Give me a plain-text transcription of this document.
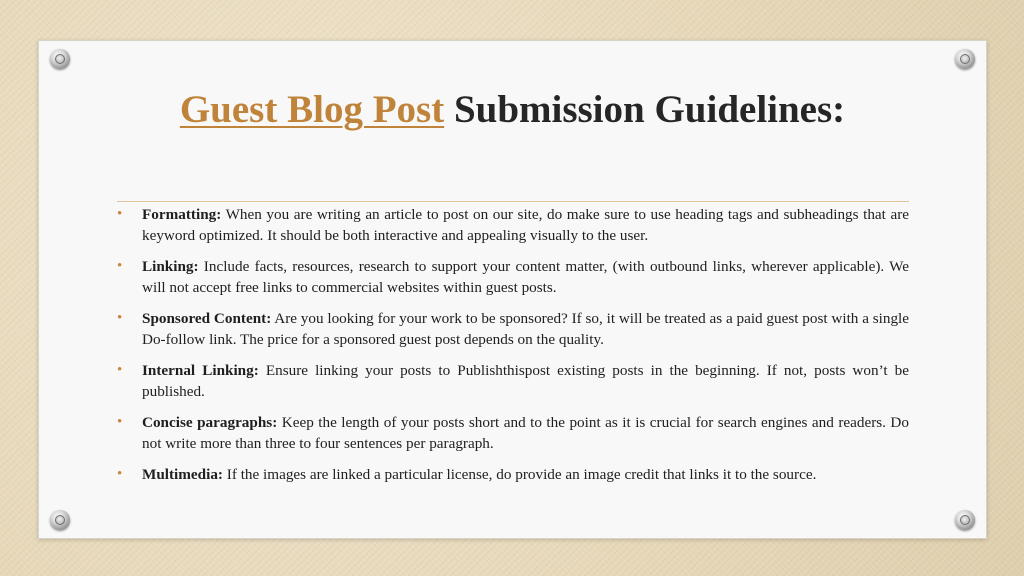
Guest Blog Post Submission Guidelines:
• Formatting: When you are writing an article to post on our site, do make sure to use heading tags and subheadings that are keyword optimized. It should be both interactive and appealing visually to the user.
• Linking: Include facts, resources, research to support your content matter, (with outbound links, wherever applicable). We will not accept free links to commercial websites within guest posts.
• Sponsored Content: Are you looking for your work to be sponsored? If so, it will be treated as a paid guest post with a single Do-follow link. The price for a sponsored guest post depends on the quality.
• Internal Linking: Ensure linking your posts to Publishthispost existing posts in the beginning. If not, posts won’t be published.
• Concise paragraphs: Keep the length of your posts short and to the point as it is crucial for search engines and readers. Do not write more than three to four sentences per paragraph.
• Multimedia: If the images are linked a particular license, do provide an image credit that links it to the source.
